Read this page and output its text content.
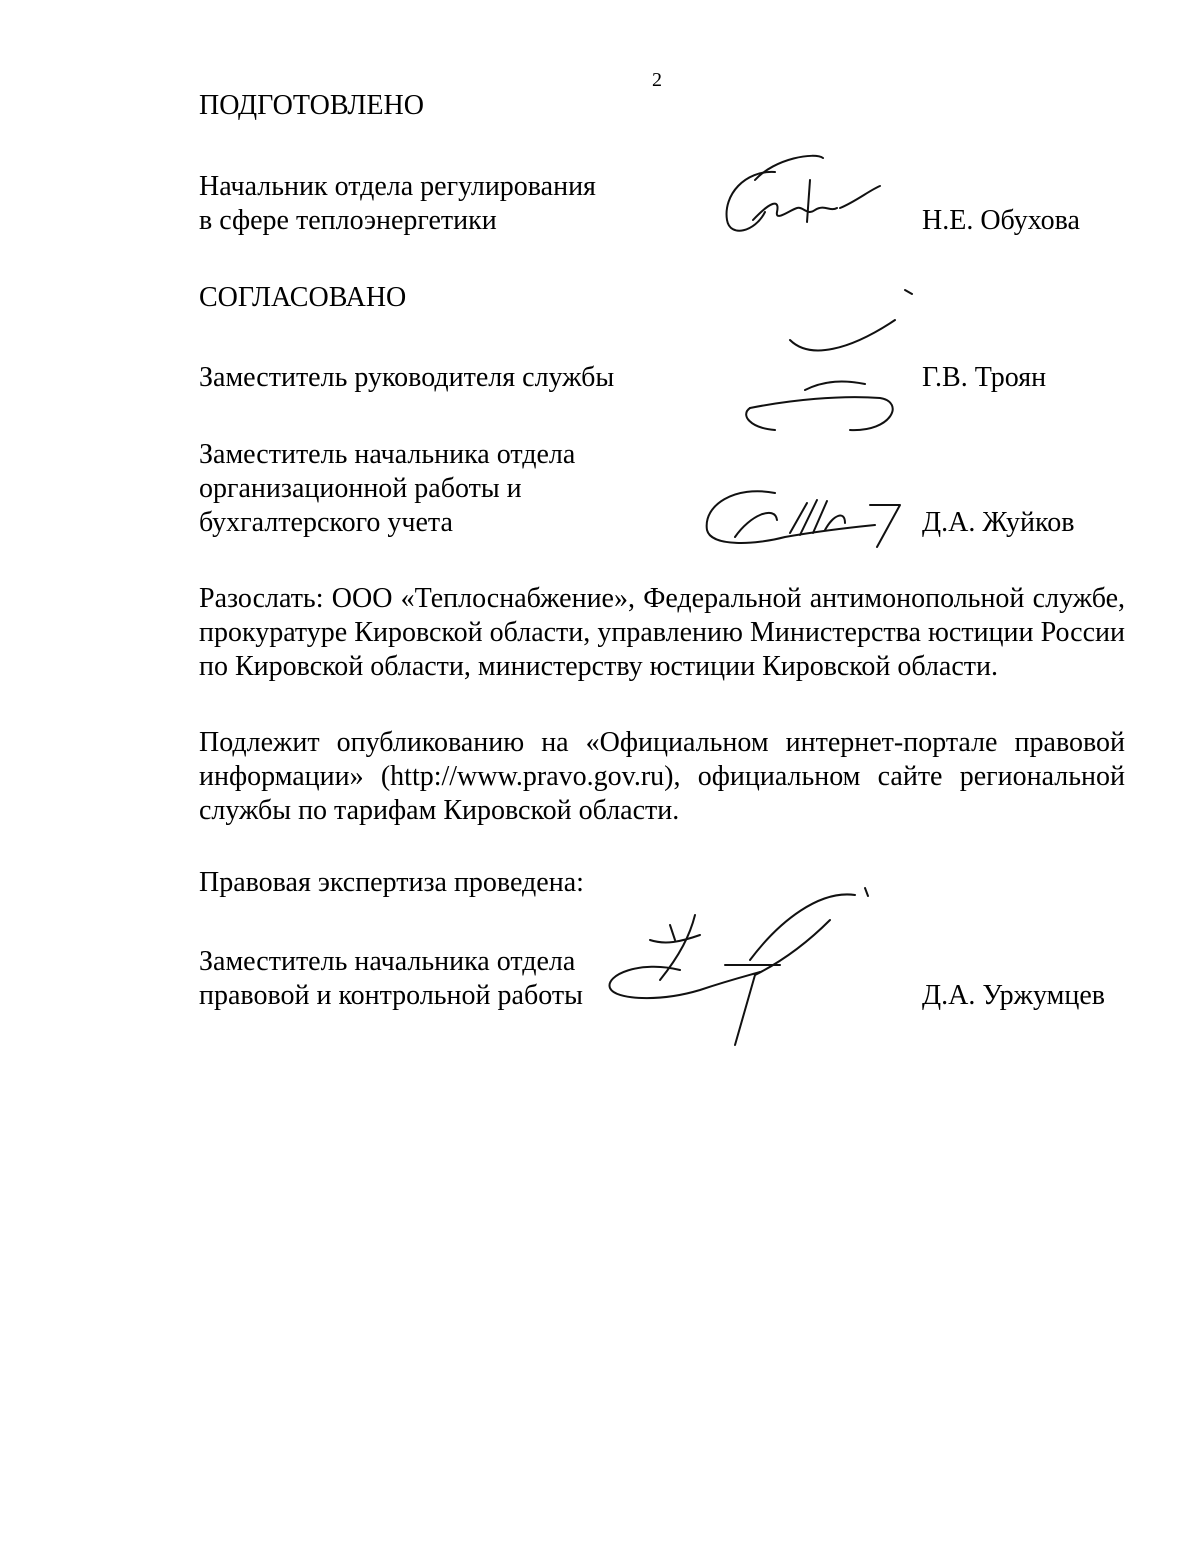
2
ПОДГОТОВЛЕНО
Начальник отдела регулирования
в сфере теплоэнергетики	Н.Е. Обухова
СОГЛАСОВАНО
Заместитель руководителя службы	Г.В. Троян
Заместитель начальника отдела
организационной работы и
бухгалтерского учета	Д.А. Жуйков
Разослать: ООО «Теплоснабжение», Федеральной антимонопольной службе,
прокуратуре Кировской области, управлению Министерства юстиции России
по Кировской области, министерству юстиции Кировской области.
Подлежит опубликованию на «Официальном интернет-портале правовой
информации» (http://www.pravo.gov.ru), официальном сайте региональной
службы по тарифам Кировской области.
Правовая экспертиза проведена:
Заместитель начальника отдела
правовой и контрольной работы	Д.А. Уржумцев
